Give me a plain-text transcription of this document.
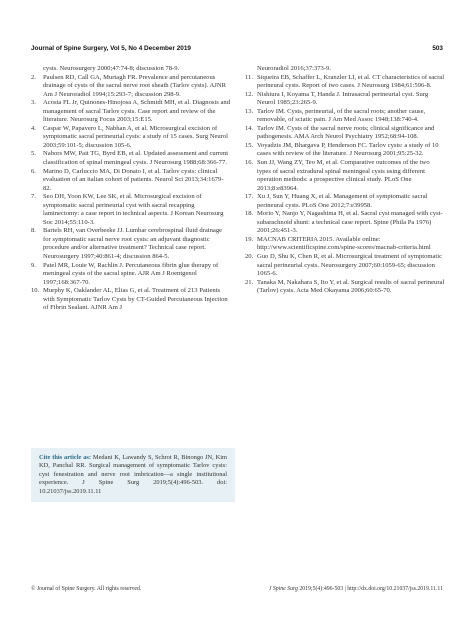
Journal of Spine Surgery, Vol 5, No 4 December 2019	503
cysts. Neurosurgery 2000;47:74-8; discussion 78-9.
2.	Paulsen RD, Call GA, Murtagh FR. Prevalence and percutaneous drainage of cysts of the sacral nerve root sheath (Tarlov cysts). AJNR Am J Neuroradiol 1994;15:293-7; discussion 298-9.
3.	Acosta FL Jr, Quinones-Hinojosa A, Schmidt MH, et al. Diagnosis and management of sacral Tarlov cysts. Case report and review of the literature. Neurosurg Focus 2003;15:E15.
4.	Caspar W, Papavero L, Nabhan A, et al. Microsurgical excision of symptomatic sacral perineurial cysts: a study of 15 cases. Surg Neurol 2003;59:101-5; discussion 105-6.
5.	Nabors MW, Pait TG, Byrd EB, et al. Updated assessment and current classification of spinal meningeal cysts. J Neurosurg 1988;68:366-77.
6.	Marino D, Carluccio MA, Di Donato I, et al. Tarlov cysts: clinical evaluation of an italian cohort of patients. Neurol Sci 2013;34:1679-82.
7.	Seo DH, Yoon KW, Lee SK, et al. Microsurgical excision of symptomatic sacral perineurial cyst with sacral recapping laminectomy: a case report in technical aspects. J Korean Neurosurg Soc 2014;55:110-3.
8.	Bartels RH, van Overbeeke JJ. Lumbar cerebrospinal fluid drainage for symptomatic sacral nerve root cysts: an adjuvant diagnostic procedure and/or alternative treatment? Technical case report. Neurosurgery 1997;40:861-4; discussion 864-5.
9.	Patel MR, Louie W, Rachlin J. Percutaneous fibrin glue therapy of meningeal cysts of the sacral spine. AJR Am J Roentgenol 1997;168:367-70.
10. Murphy K, Oaklander AL, Elias G, et al. Treatment of 213 Patients with Symptomatic Tarlov Cysts by CT-Guided Percutaneous Injection of Fibrin Sealant. AJNR Am J
Neuroradiol 2016;37:373-9.
11. Siqueira EB, Schaffer L, Kranzler LI, et al. CT characteristics of sacral perineural cysts. Report of two cases. J Neurosurg 1984;61:596-8.
12. Nishiura I, Koyama T, Handa J. Intrasacral perineurial cyst. Surg Neurol 1985;23:265-9.
13. Tarlov IM. Cysts, perineurial, of the sacral roots; another cause, removable, of sciatic pain. J Am Med Assoc 1948;138:740-4.
14. Tarlov IM. Cysts of the sacral nerve roots; clinical significance and pathogenesis. AMA Arch Neurol Psychiatry 1952;68:94-108.
15. Voyadzis JM, Bhargava P, Henderson FC. Tarlov cysts: a study of 10 cases with review of the literature. J Neurosurg 2001;95:25-32.
16. Sun JJ, Wang ZY, Teo M, et al. Comparative outcomes of the two types of sacral extradural spinal meningeal cysts using different operation methods: a prospective clinical study. PLoS One 2013;8:e83964.
17. Xu J, Sun Y, Huang X, et al. Management of symptomatic sacral perineural cysts. PLoS One 2012;7:e39958.
18. Morio Y, Nanjo Y, Nagashima H, et al. Sacral cyst managed with cyst-subarachnoid shunt: a technical case report. Spine (Phila Pa 1976) 2001;26:451-3.
19. MACNAB CRITERIA 2015. Available online: http://www.scientificspine.com/spine-scores/macnab-criteria.html
20. Guo D, Shu K, Chen R, et al. Microsurgical treatment of symptomatic sacral perineurial cysts. Neurosurgery 2007;60:1059-65; discussion 1065-6.
21. Tanaka M, Nakahara S, Ito Y, et al. Surgical results of sacral perineural (Tarlov) cysts. Acta Med Okayama 2006;60:65-70.
Cite this article as: Medani K, Lawandy S, Schrot R, Binongo JN, Kim KD, Panchal RR. Surgical management of symptomatic Tarlov cysts: cyst fenestration and nerve root imbrication—a single institutional experience. J Spine Surg 2019;5(4):496-503. doi: 10.21037/jss.2019.11.11
© Journal of Spine Surgery. All rights reserved.	J Spine Surg 2019;5(4):496-503 | http://dx.doi.org/10.21037/jss.2019.11.11
